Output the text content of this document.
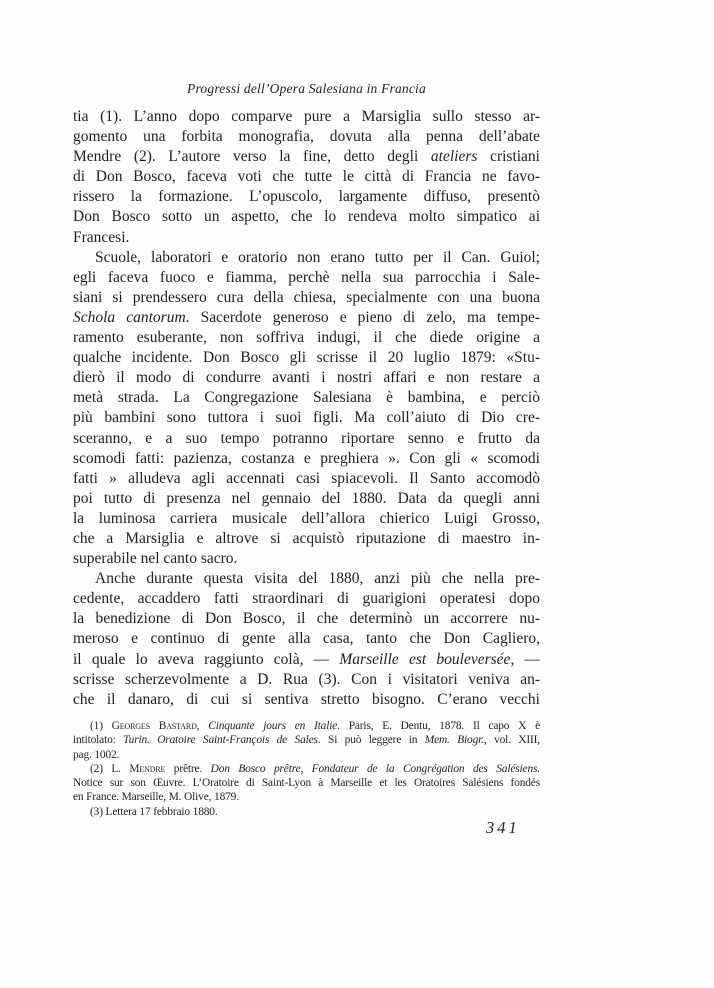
Progressi dell’Opera Salesiana in Francia
tia (1). L’anno dopo comparve pure a Marsiglia sullo stesso ar-
gomento una forbita monografia, dovuta alla penna dell’abate
Mendre (2). L’autore verso la fine, detto degli ateliers cristiani
di Don Bosco, faceva voti che tutte le città di Francia ne favo-
rissero la formazione. L’opuscolo, largamente diffuso, presentò
Don Bosco sotto un aspetto, che lo rendeva molto simpatico ai
Francesi.
Scuole, laboratori e oratorio non erano tutto per il Can. Guiol;
egli faceva fuoco e fiamma, perchè nella sua parrocchia i Sale-
siani si prendessero cura della chiesa, specialmente con una buona
Schola cantorum. Sacerdote generoso e pieno di zelo, ma tempe-
ramento esuberante, non soffriva indugi, il che diede origine a
qualche incidente. Don Bosco gli scrisse il 20 luglio 1879: «Stu-
dierò il modo di condurre avanti i nostri affari e non restare a
metà strada. La Congregazione Salesiana è bambina, e perciò
più bambini sono tuttora i suoi figli. Ma coll’aiuto di Dio cre-
sceranno, e a suo tempo potranno riportare senno e frutto da
scomodi fatti: pazienza, costanza e preghiera ». Con gli « scomodi
fatti » alludeva agli accennati casi spiacevoli. Il Santo accomodò
poi tutto di presenza nel gennaio del 1880. Data da quegli anni
la luminosa carriera musicale dell’allora chierico Luigi Grosso,
che a Marsiglia e altrove si acquistò riputazione di maestro in-
superabile nel canto sacro.
Anche durante questa visita del 1880, anzi più che nella pre-
cedente, accaddero fatti straordinari di guarigioni operatesi dopo
la benedizione di Don Bosco, il che determinò un accorrere nu-
meroso e continuo di gente alla casa, tanto che Don Cagliero,
il quale lo aveva raggiunto colà, — Marseille est bouleversée, —
scrisse scherzevolmente a D. Rua (3). Con i visitatori veniva an-
che il danaro, di cui si sentiva stretto bisogno. C’erano vecchi
(1) Georges Bastard, Cinquante jours en Italie. Paris, E. Dentu, 1878. Il capo X è
intitolato: Turin. Oratoire Saint-François de Sales. Si può leggere in Mem. Biogr., vol. XIII,
pag. 1002.
(2) L. Mendre prêtre. Don Bosco prêtre, Fondateur de la Congrégation des Salésiens.
Notice sur son Œuvre. L’Oratoire di Saint-Lyon à Marseille et les Oratoires Salésiens fondés
en France. Marseille, M. Olive, 1879.
(3) Lettera 17 febbraio 1880.
341
